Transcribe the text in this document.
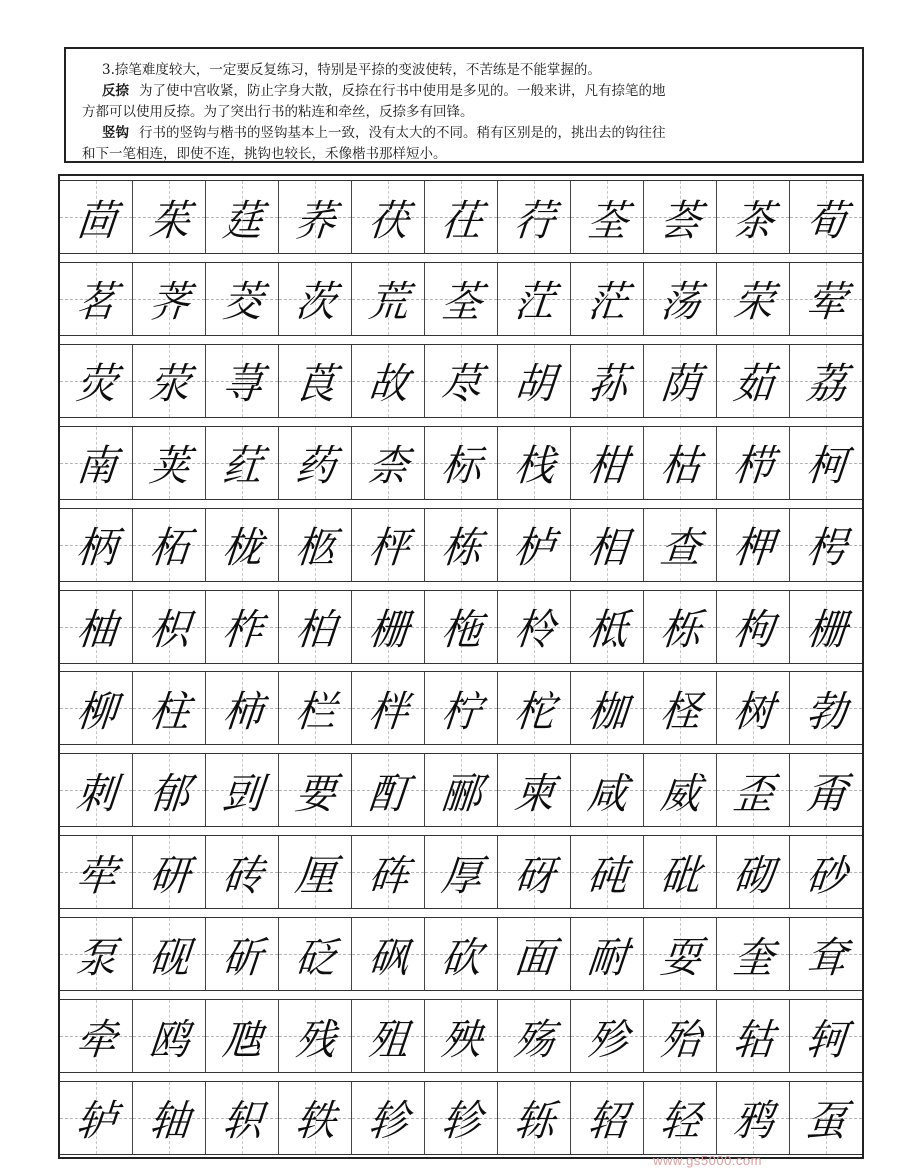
3.捺笔难度较大，一定要反复练习，特别是平捺的变波使转，不苦练是不能掌握的。

反捺 为了使中宫收紧，防止字身大散，反捺在行书中使用是多见的。一般来讲，凡有捺笔的地

方都可以使用反捺。为了突出行书的粘连和牵丝，反捺多有回锋。

竖钩 行书的竖钩与楷书的竖钩基本上一致，没有太大的不同。稍有区别是的，挑出去的钩往往

和下一笔相连，即使不连，挑钩也较长，禾像楷书那样短小。

茴 茱 莛 荞 茯 茌 荇 荃 荟 茶 荀
茗 荠 茭 茨 荒 荃 茳 茫 荡 荣 荤
荧 荥 荨 莨 故 荩 胡 荪 荫 茹 荔
南 荚 荭 药 柰 标 栈 柑 枯 栉 柯
柄 柘 栊 柩 枰 栋 栌 相 查 柙 枵
柚 枳 柞 柏 栅 柂 柃 柢 栎 枸 栅
柳 柱 柿 栏 柈 柠 柁 枷 柽 树 勃
刺 郁 剅 要 酊 郦 柬 咸 威 歪 甭
荦 研 砖 厘 砗 厚 砑 砘 砒 砌 砂
泵 砚 斫 砭 砜 砍 面 耐 耍 奎 耷
牵 鸥 虺 残 殂 殃 殇 殄 殆 轱 轲
轳 轴 轵 轶 轸 轸 轹 轺 轻 鸦 虿
www.gs5000.com
